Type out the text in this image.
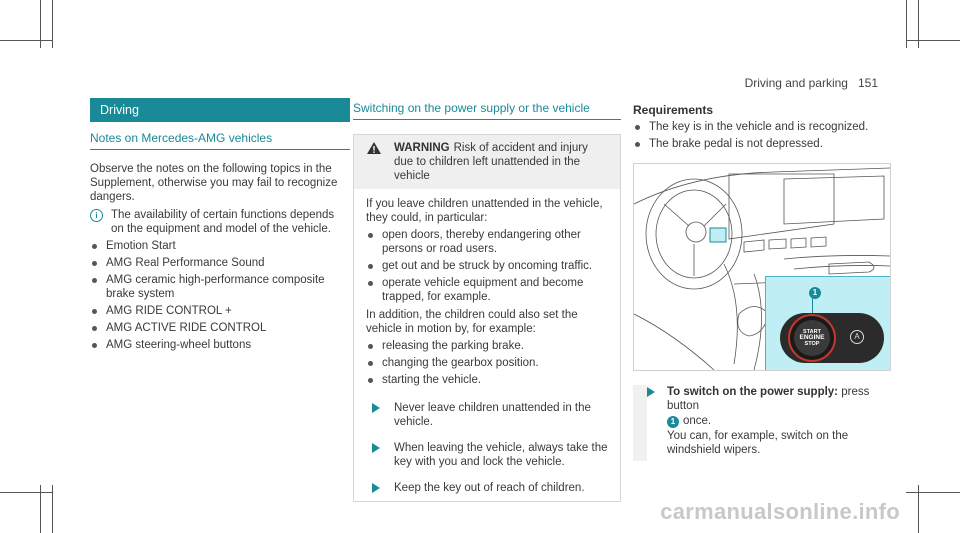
Driving and parking 151
Driving
Notes on Mercedes-AMG vehicles

Observe the notes on the following topics in the Supplement, otherwise you may fail to recognize dangers.

i	The availability of certain functions depends on the equipment and model of the vehicle.
Emotion Start
AMG Real Performance Sound
AMG ceramic high-performance composite brake system
AMG RIDE CONTROL +
AMG ACTIVE RIDE CONTROL
AMG steering-wheel buttons
Switching on the power supply or the vehicle
WARNING Risk of accident and injury due to children left unattended in the vehicle

If you leave children unattended in the vehicle, they could, in particular:

open doors, thereby endangering other persons or road users.
get out and be struck by oncoming traffic.
operate vehicle equipment and become trapped, for example.

In addition, the children could also set the vehicle in motion by, for example:

releasing the parking brake.
changing the gearbox position.
starting the vehicle.
Never leave children unattended in the vehicle.
When leaving the vehicle, always take the key with you and lock the vehicle.
Keep the key out of reach of children.
Requirements
The key is in the vehicle and is recognized.
The brake pedal is not depressed.
1
START
ENGINE
STOP
A
To switch on the power supply: press button
1 once.

You can, for example, switch on the windshield wipers.

carmanualsonline.info
